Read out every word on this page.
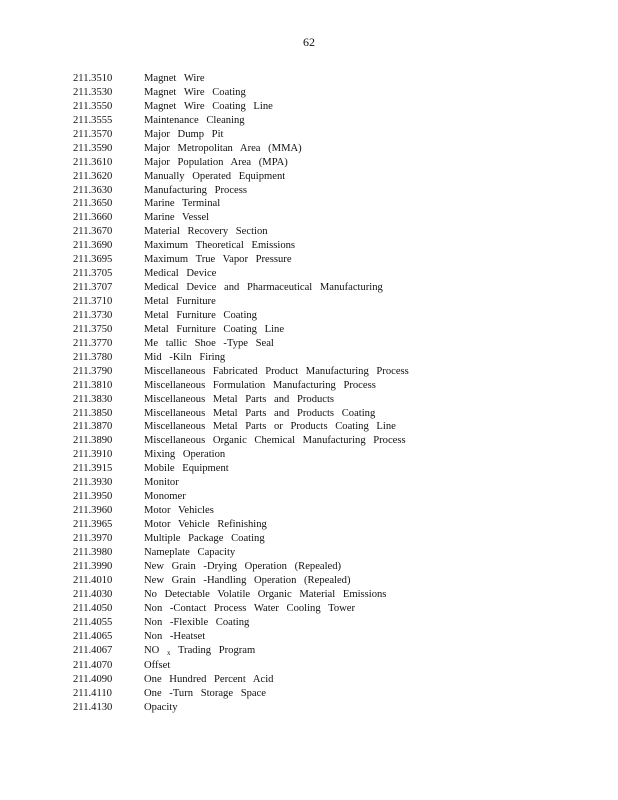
62
211.3510	Magnet Wire
211.3530	Magnet Wire Coating
211.3550	Magnet Wire Coating Line
211.3555	Maintenance Cleaning
211.3570	Major Dump Pit
211.3590	Major Metropolitan Area (MMA)
211.3610	Major Population Area (MPA)
211.3620	Manually Operated Equipment
211.3630	Manufacturing Process
211.3650	Marine Terminal
211.3660	Marine Vessel
211.3670	Material Recovery Section
211.3690	Maximum Theoretical Emissions
211.3695	Maximum True Vapor Pressure
211.3705	Medical Device
211.3707	Medical Device and Pharmaceutical Manufacturing
211.3710	Metal Furniture
211.3730	Metal Furniture Coating
211.3750	Metal Furniture Coating Line
211.3770	Me tallic Shoe -Type Seal
211.3780	Mid -Kiln Firing
211.3790	Miscellaneous Fabricated Product Manufacturing Process
211.3810	Miscellaneous Formulation Manufacturing Process
211.3830	Miscellaneous Metal Parts and Products
211.3850	Miscellaneous Metal Parts and Products Coating
211.3870	Miscellaneous Metal Parts or Products Coating Line
211.3890	Miscellaneous Organic Chemical Manufacturing Process
211.3910	Mixing Operation
211.3915	Mobile Equipment
211.3930	Monitor
211.3950	Monomer
211.3960	Motor Vehicles
211.3965	Motor Vehicle Refinishing
211.3970	Multiple Package Coating
211.3980	Nameplate Capacity
211.3990	New Grain -Drying Operation (Repealed)
211.4010	New Grain -Handling Operation (Repealed)
211.4030	No Detectable Volatile Organic Material Emissions
211.4050	Non -Contact Process Water Cooling Tower
211.4055	Non -Flexible Coating
211.4065	Non -Heatset
211.4067	NO $_x$ Trading Program
211.4070	Offset
211.4090	One Hundred Percent Acid
211.4110	One -Turn Storage Space
211.4130	Opacity
